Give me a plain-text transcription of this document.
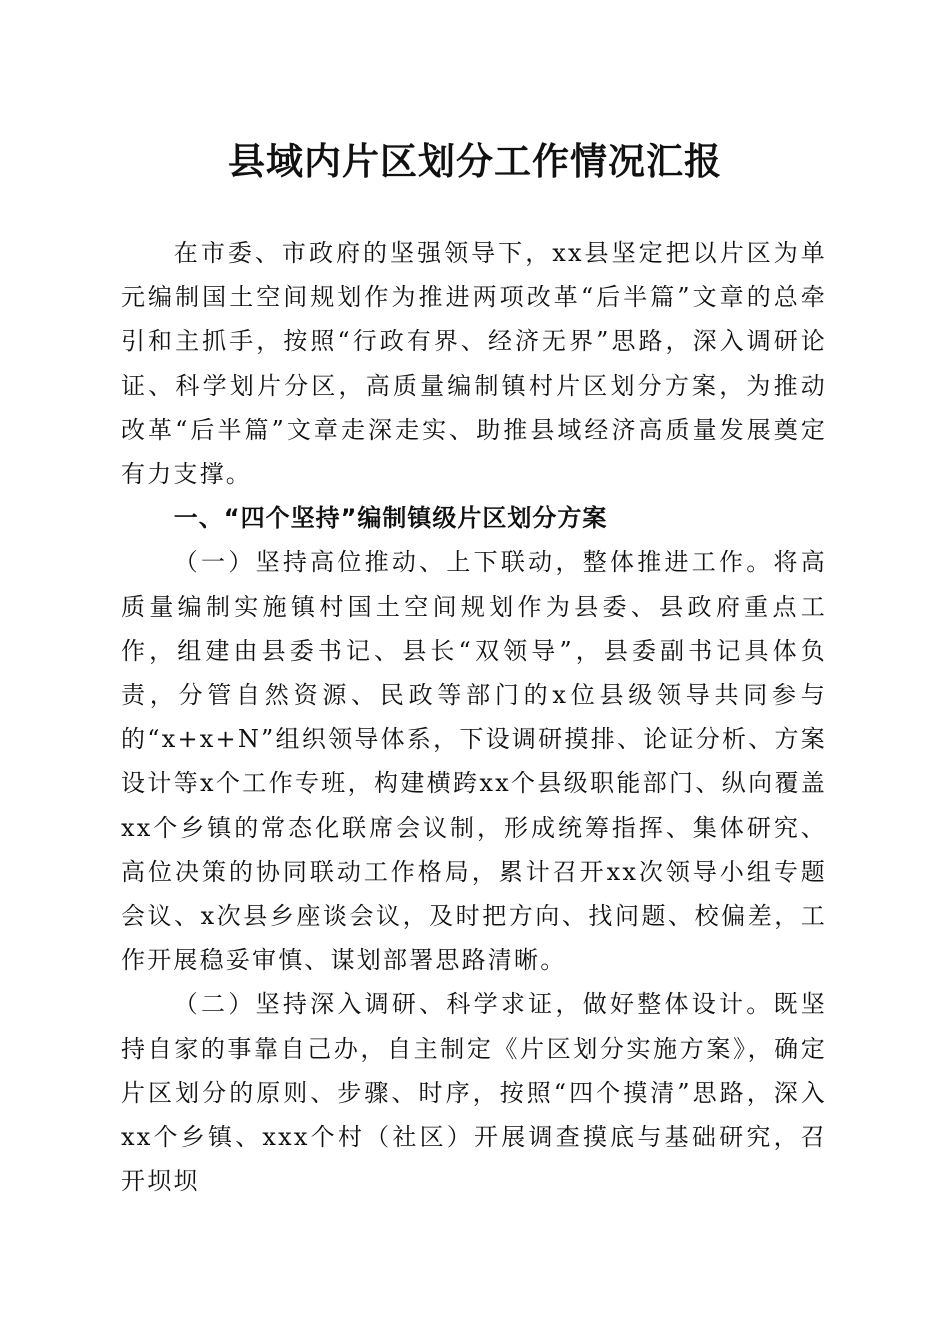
县域内片区划分工作情况汇报

在市委、市政府的坚强领导下，xx县坚定把以片区为单元编制国土空间规划作为推进两项改革“后半篇”文章的总牵引和主抓手，按照“行政有界、经济无界”思路，深入调研论证、科学划片分区，高质量编制镇村片区划分方案，为推动改革“后半篇”文章走深走实、助推县域经济高质量发展奠定有力支撑。

一、“四个坚持”编制镇级片区划分方案

（一）坚持高位推动、上下联动，整体推进工作。将高质量编制实施镇村国土空间规划作为县委、县政府重点工作，组建由县委书记、县长“双领导”，县委副书记具体负责，分管自然资源、民政等部门的x位县级领导共同参与的“x+x+N”组织领导体系，下设调研摸排、论证分析、方案设计等x个工作专班，构建横跨xx个县级职能部门、纵向覆盖xx个乡镇的常态化联席会议制，形成统筹指挥、集体研究、高位决策的协同联动工作格局，累计召开xx次领导小组专题会议、x次县乡座谈会议，及时把方向、找问题、校偏差，工作开展稳妥审慎、谋划部署思路清晰。

（二）坚持深入调研、科学求证，做好整体设计。既坚持自家的事靠自己办，自主制定《片区划分实施方案》，确定片区划分的原则、步骤、时序，按照“四个摸清”思路，深入xx个乡镇、xxx个村（社区）开展调查摸底与基础研究，召开坝坝
